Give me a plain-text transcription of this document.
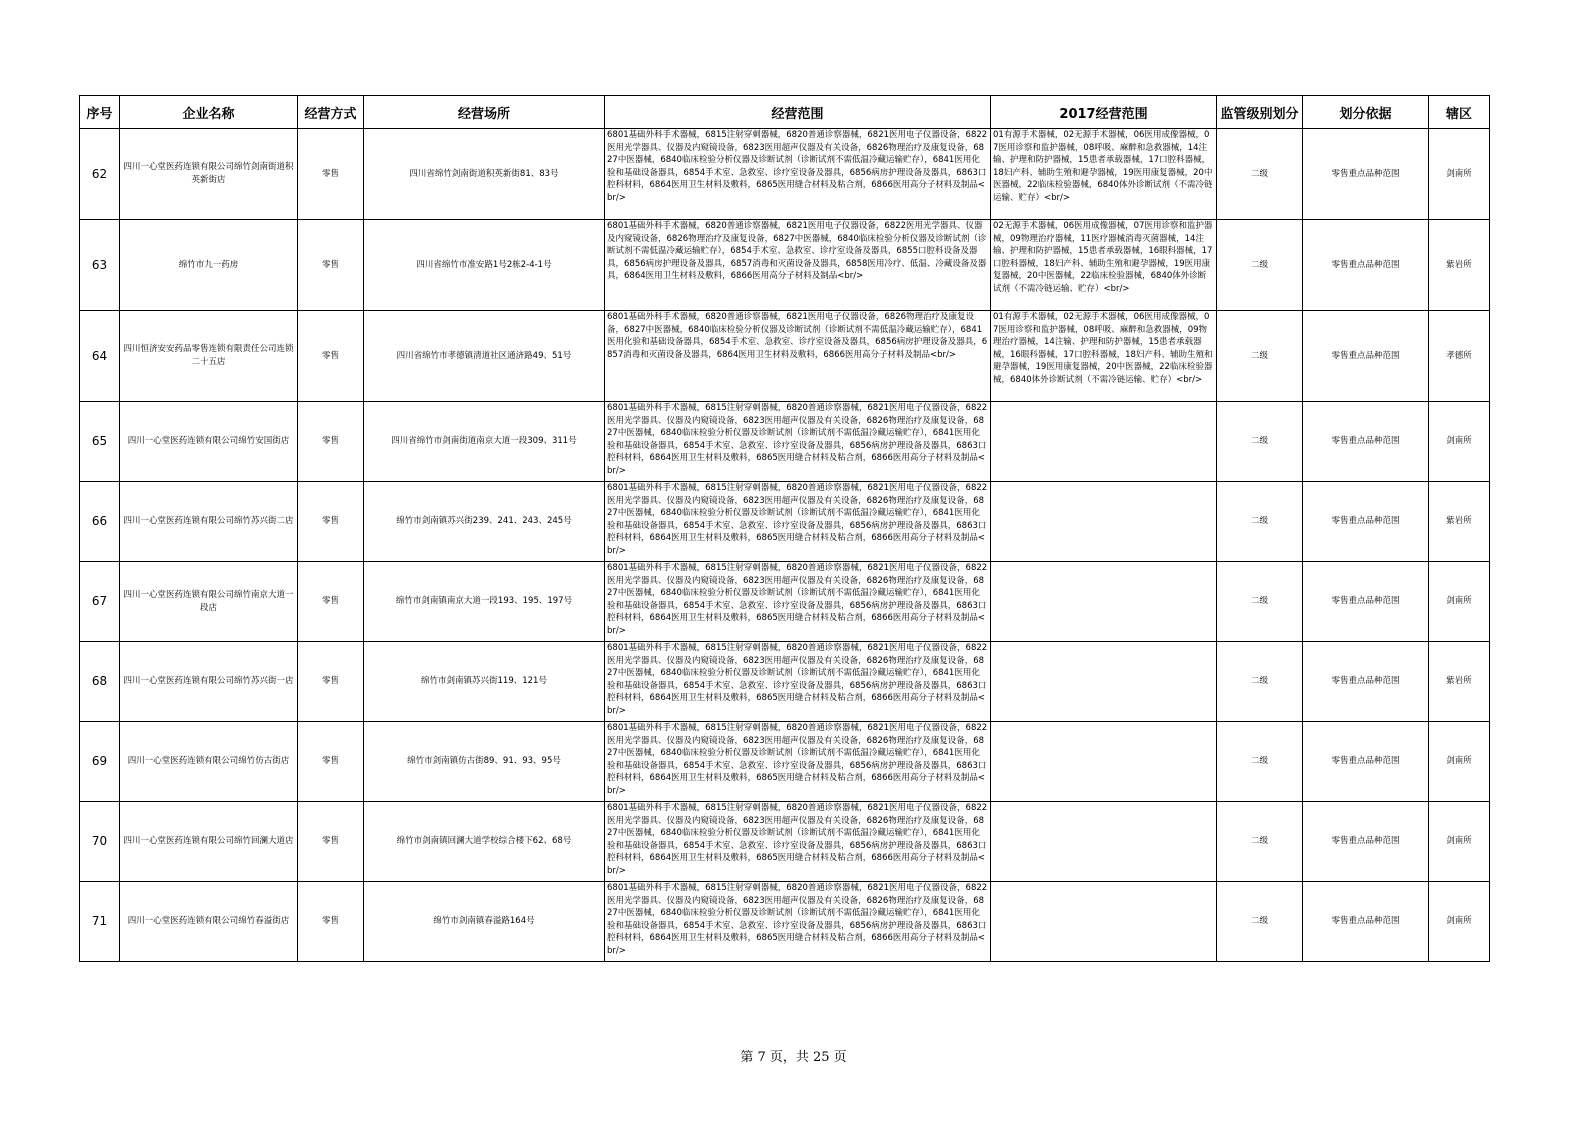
序号	企业名称	经营方式	经营场所	经营范围	2017经营范围	监管级别划分	划分依据	辖区
62	四川一心堂医药连锁有限公司绵竹剑南街道积英新街店	零售	四川省绵竹剑南街道积英新街81、83号	6801基础外科手术器械，6815注射穿刺器械，6820普通诊察器械，6821医用电子仪器设备，6822医用光学器具、仪器及内窥镜设备，6823医用超声仪器及有关设备，6826物理治疗及康复设备，6827中医器械，6840临床检验分析仪器及诊断试剂（诊断试剂不需低温冷藏运输贮存），6841医用化验和基础设备器具，6854手术室、急救室、诊疗室设备及器具，6856病房护理设备及器具，6863口腔科材料，6864医用卫生材料及敷料，6865医用缝合材料及粘合剂，6866医用高分子材料及制品<br/>	01有源手术器械，02无源手术器械，06医用成像器械，07医用诊察和监护器械，08呼吸、麻醉和急救器械，14注输、护理和防护器械，15患者承载器械，17口腔科器械，18妇产科、辅助生殖和避孕器械，19医用康复器械，20中医器械，22临床检验器械，6840体外诊断试剂（不需冷链运输、贮存）<br/>	二级	零售重点品种范围	剑南所
63	绵竹市九一药房	零售	四川省绵竹市准安路1号2栋2-4-1号	6801基础外科手术器械，6820普通诊察器械，6821医用电子仪器设备，6822医用光学器具、仪器及内窥镜设备，6826物理治疗及康复设备，6827中医器械，6840临床检验分析仪器及诊断试剂（诊断试剂不需低温冷藏运输贮存），6854手术室、急救室、诊疗室设备及器具，6855口腔科设备及器具，6856病房护理设备及器具，6857消毒和灭菌设备及器具，6858医用冷疗、低温、冷藏设备及器具，6864医用卫生材料及敷料，6866医用高分子材料及制品<br/>	02无源手术器械，06医用成像器械，07医用诊察和监护器械，09物理治疗器械，11医疗器械消毒灭菌器械，14注输、护理和防护器械，15患者承载器械，16眼科器械，17口腔科器械，18妇产科、辅助生殖和避孕器械，19医用康复器械，20中医器械，22临床检验器械，6840体外诊断试剂（不需冷链运输、贮存）<br/>	二级	零售重点品种范围	紫岩所
64	四川恒济安安药品零售连锁有限责任公司连锁二十五店	零售	四川省绵竹市孝德镇清道社区通济路49、51号	6801基础外科手术器械，6820普通诊察器械，6821医用电子仪器设备，6826物理治疗及康复设备，6827中医器械，6840临床检验分析仪器及诊断试剂（诊断试剂不需低温冷藏运输贮存），6841医用化验和基础设备器具，6854手术室、急救室、诊疗室设备及器具，6856病房护理设备及器具，6857消毒和灭菌设备及器具，6864医用卫生材料及敷料，6866医用高分子材料及制品<br/>	01有源手术器械，02无源手术器械，06医用成像器械，07医用诊察和监护器械，08呼吸、麻醉和急救器械，09物理治疗器械，14注输、护理和防护器械，15患者承载器械，16眼科器械，17口腔科器械，18妇产科、辅助生殖和避孕器械，19医用康复器械，20中医器械，22临床检验器械，6840体外诊断试剂（不需冷链运输、贮存）<br/>	二级	零售重点品种范围	孝德所
65	四川一心堂医药连锁有限公司绵竹安国街店	零售	四川省绵竹市剑南街道南京大道一段309、311号	6801基础外科手术器械，6815注射穿刺器械，6820普通诊察器械，6821医用电子仪器设备，6822医用光学器具、仪器及内窥镜设备，6823医用超声仪器及有关设备，6826物理治疗及康复设备，6827中医器械，6840临床检验分析仪器及诊断试剂（诊断试剂不需低温冷藏运输贮存），6841医用化验和基础设备器具，6854手术室、急救室、诊疗室设备及器具，6856病房护理设备及器具，6863口腔科材料，6864医用卫生材料及敷料，6865医用缝合材料及粘合剂，6866医用高分子材料及制品<br/>		二级	零售重点品种范围	剑南所
66	四川一心堂医药连锁有限公司绵竹苏兴街二店	零售	绵竹市剑南镇苏兴街239、241、243、245号	6801基础外科手术器械，6815注射穿刺器械，6820普通诊察器械，6821医用电子仪器设备，6822医用光学器具、仪器及内窥镜设备，6823医用超声仪器及有关设备，6826物理治疗及康复设备，6827中医器械，6840临床检验分析仪器及诊断试剂（诊断试剂不需低温冷藏运输贮存），6841医用化验和基础设备器具，6854手术室、急救室、诊疗室设备及器具，6856病房护理设备及器具，6863口腔科材料，6864医用卫生材料及敷料，6865医用缝合材料及粘合剂，6866医用高分子材料及制品<br/>		二级	零售重点品种范围	紫岩所
67	四川一心堂医药连锁有限公司绵竹南京大道一段店	零售	绵竹市剑南镇南京大道一段193、195、197号	6801基础外科手术器械，6815注射穿刺器械，6820普通诊察器械，6821医用电子仪器设备，6822医用光学器具、仪器及内窥镜设备，6823医用超声仪器及有关设备，6826物理治疗及康复设备，6827中医器械，6840临床检验分析仪器及诊断试剂（诊断试剂不需低温冷藏运输贮存），6841医用化验和基础设备器具，6854手术室、急救室、诊疗室设备及器具，6856病房护理设备及器具，6863口腔科材料，6864医用卫生材料及敷料，6865医用缝合材料及粘合剂，6866医用高分子材料及制品<br/>		二级	零售重点品种范围	剑南所
68	四川一心堂医药连锁有限公司绵竹苏兴街一店	零售	绵竹市剑南镇苏兴街119、121号	6801基础外科手术器械，6815注射穿刺器械，6820普通诊察器械，6821医用电子仪器设备，6822医用光学器具、仪器及内窥镜设备，6823医用超声仪器及有关设备，6826物理治疗及康复设备，6827中医器械，6840临床检验分析仪器及诊断试剂（诊断试剂不需低温冷藏运输贮存），6841医用化验和基础设备器具，6854手术室、急救室、诊疗室设备及器具，6856病房护理设备及器具，6863口腔科材料，6864医用卫生材料及敷料，6865医用缝合材料及粘合剂，6866医用高分子材料及制品<br/>		二级	零售重点品种范围	紫岩所
69	四川一心堂医药连锁有限公司绵竹仿古街店	零售	绵竹市剑南镇仿古街89、91、93、95号	6801基础外科手术器械，6815注射穿刺器械，6820普通诊察器械，6821医用电子仪器设备，6822医用光学器具、仪器及内窥镜设备，6823医用超声仪器及有关设备，6826物理治疗及康复设备，6827中医器械，6840临床检验分析仪器及诊断试剂（诊断试剂不需低温冷藏运输贮存），6841医用化验和基础设备器具，6854手术室、急救室、诊疗室设备及器具，6856病房护理设备及器具，6863口腔科材料，6864医用卫生材料及敷料，6865医用缝合材料及粘合剂，6866医用高分子材料及制品<br/>		二级	零售重点品种范围	剑南所
70	四川一心堂医药连锁有限公司绵竹回澜大道店	零售	绵竹市剑南镇回澜大道学校综合楼下62、68号	6801基础外科手术器械，6815注射穿刺器械，6820普通诊察器械，6821医用电子仪器设备，6822医用光学器具、仪器及内窥镜设备，6823医用超声仪器及有关设备，6826物理治疗及康复设备，6827中医器械，6840临床检验分析仪器及诊断试剂（诊断试剂不需低温冷藏运输贮存），6841医用化验和基础设备器具，6854手术室、急救室、诊疗室设备及器具，6856病房护理设备及器具，6863口腔科材料，6864医用卫生材料及敷料，6865医用缝合材料及粘合剂，6866医用高分子材料及制品<br/>		二级	零售重点品种范围	剑南所
71	四川一心堂医药连锁有限公司绵竹春溢街店	零售	绵竹市剑南镇春溢路164号	6801基础外科手术器械，6815注射穿刺器械，6820普通诊察器械，6821医用电子仪器设备，6822医用光学器具、仪器及内窥镜设备，6823医用超声仪器及有关设备，6826物理治疗及康复设备，6827中医器械，6840临床检验分析仪器及诊断试剂（诊断试剂不需低温冷藏运输贮存），6841医用化验和基础设备器具，6854手术室、急救室、诊疗室设备及器具，6856病房护理设备及器具，6863口腔科材料，6864医用卫生材料及敷料，6865医用缝合材料及粘合剂，6866医用高分子材料及制品<br/>		二级	零售重点品种范围	剑南所
第 7 页，共 25 页
